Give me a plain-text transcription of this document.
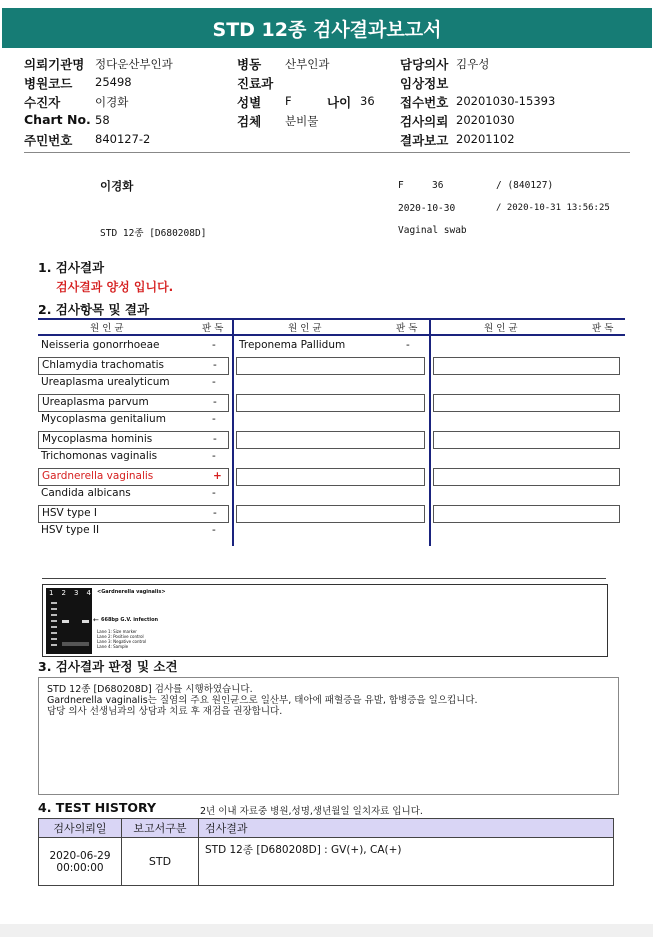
STD 12종 검사결과보고서
의뢰기관명 정다운산부인과
병원코드 25498
수진자	이경화
Chart No. 58
주민번호 840127-2
병동 산부인과
진료과
성별 F
검체 분비물
담당의사 김우성
임상정보
접수번호 20201030-15393
검사의뢰 20201030
결과보고 20201102
나이 36
이경화	F	36	/ (840127)
2020-10-30	/ 2020-10-31 13:56:25
STD 12종 [D680208D]	Vaginal swab
1. 검사결과
검사결과 양성 입니다.
2. 검사항목 및 결과
원 인 균	판 독	원 인 균	판 독	원 인 균	판 독
Neisseria gonorrhoeae	-
Chlamydia trachomatis	-
Ureaplasma urealyticum	-
Ureaplasma parvum	-
Mycoplasma genitalium	-
Mycoplasma hominis	-
Trichomonas vaginalis	-
Gardnerella vaginalis	+
Candida albicans	-
HSV type I	-
HSV type II	-
Treponema Pallidum	-
1 2 3 4 <Gardnerella vaginalis>
← 668bp G.V. infection
Lane 1: Size marker
Lane 2: Positive control
Lane 3: Negative control
Lane 4: Sample
3. 검사결과 판정 및 소견
STD 12종 [D680208D] 검사를 시행하였습니다.
Gardnerella vaginalis는 질염의 주요 원인균으로 일산부, 태아에 패혈증을 유발, 합병증을 일으킵니다.
담당 의사 선생님과의 상담과 치료 후 재검을 권장합니다.
4. TEST HISTORY	2년 이내 자료중 병원,성명,생년월일 일치자료 입니다.
검사의뢰일	보고서구분	검사결과

2020-06-29
00:00:00	STD	STD 12종 [D680208D] : GV(+), CA(+)
